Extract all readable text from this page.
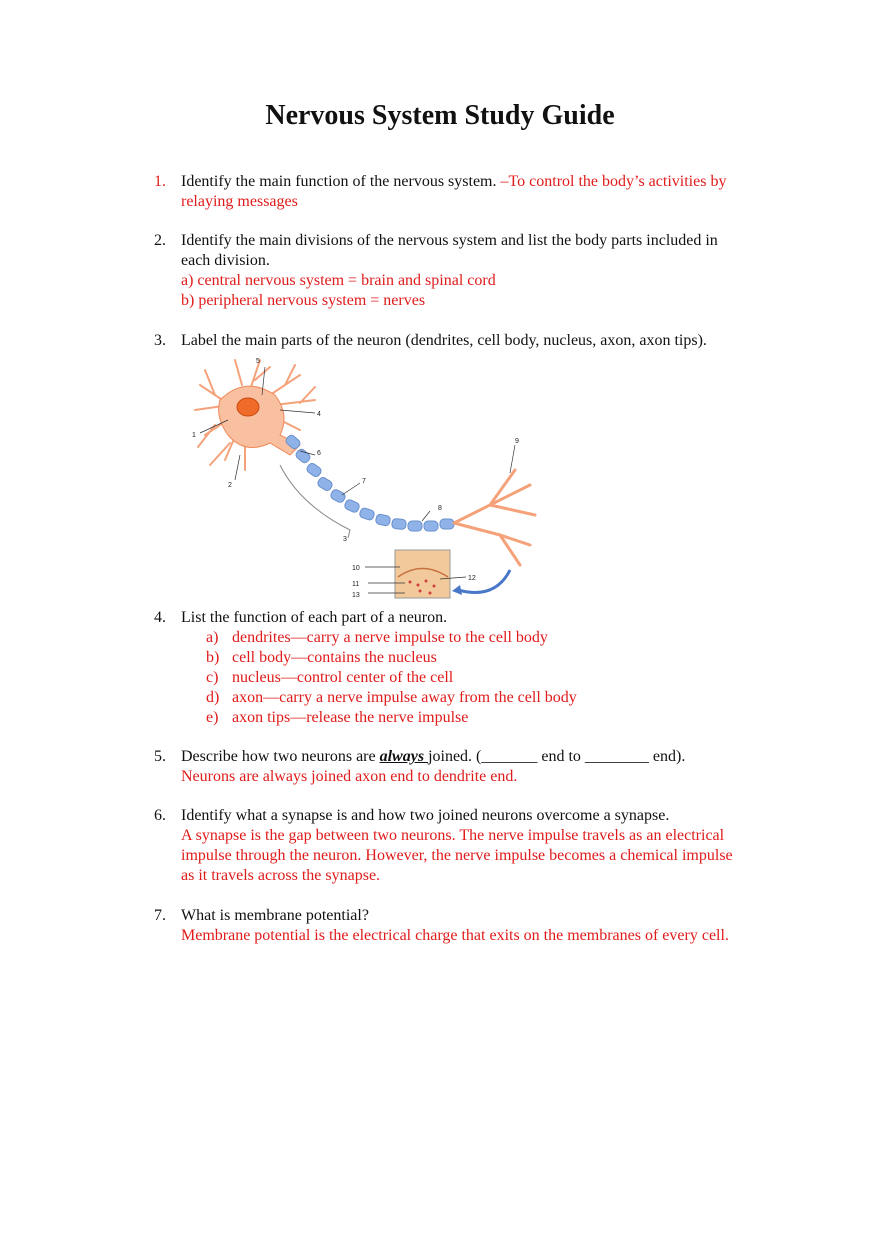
Nervous System Study Guide
1. Identify the main function of the nervous system. –To control the body’s activities by relaying messages
2. Identify the main divisions of the nervous system and list the body parts included in each division.
a) central nervous system = brain and spinal cord
b) peripheral nervous system = nerves
3. Label the main parts of the neuron (dendrites, cell body, nucleus, axon, axon tips).
1
2
3
4
5
6
7
8
9
10
11
12
13
4. List the function of each part of a neuron.
a) dendrites—carry a nerve impulse to the cell body
b) cell body—contains the nucleus
c) nucleus—control center of the cell
d) axon—carry a nerve impulse away from the cell body
e) axon tips—release the nerve impulse
5. Describe how two neurons are always joined. (_______ end to ________ end).
Neurons are always joined axon end to dendrite end.
6. Identify what a synapse is and how two joined neurons overcome a synapse.
A synapse is the gap between two neurons. The nerve impulse travels as an electrical impulse through the neuron. However, the nerve impulse becomes a chemical impulse as it travels across the synapse.
7. What is membrane potential?
Membrane potential is the electrical charge that exits on the membranes of every cell.
